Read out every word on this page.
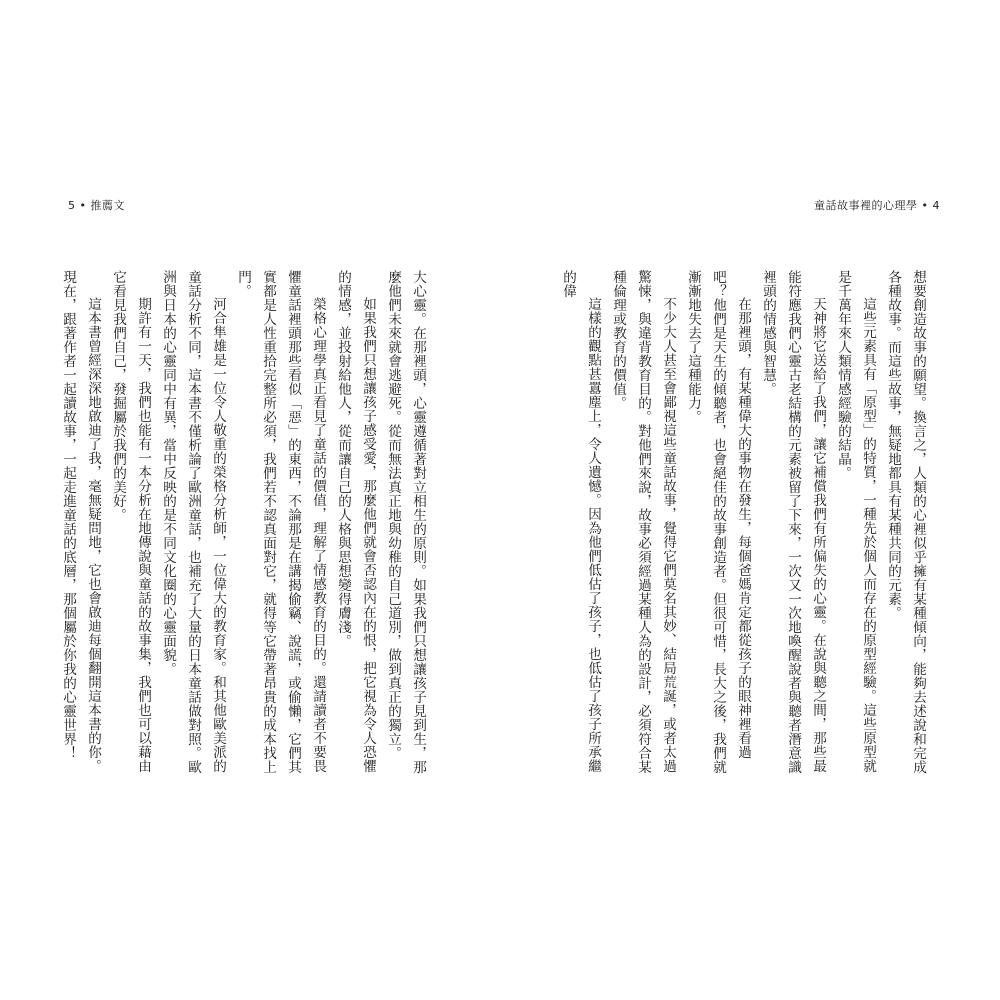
5 • 推薦文

大心靈。在那裡頭，心靈遵循著對立相生的原則。如果我們只想讓孩子見到生，那麼他們未來就會逃避死。從而無法真正地與幼稚的自己道別，做到真正的獨立。

如果我們只想讓孩子感受愛，那麼他們就會否認內在的恨，把它視為令人恐懼的情感，並投射給他人，從而讓自己的人格與思想變得膚淺。

榮格心理學真正看見了童話的價值，理解了情感教育的目的。還請讀者不要畏懼童話裡頭那些看似「惡」的東西，不論那是在講揭偷竊、說謊，或偷懶，它們其實都是人性重拾完整所必須，我們若不認真面對它，就得等它帶著昂貴的成本找上門。

河合隼雄是一位令人敬重的榮格分析師，一位偉大的教育家。和其他歐美派的童話分析不同，這本書不僅析論了歐洲童話，也補充了大量的日本童話做對照。歐洲與日本的心靈同中有異，當中反映的是不同文化圈的心靈面貌。

期許有一天，我們也能有一本分析在地傳說與童話的故事集，我們也可以藉由它看見我們自己，發掘屬於我們的美好。

這本書曾經深深地啟迪了我，毫無疑問地，它也會啟迪每個翻開這本書的你。現在，跟著作者一起讀故事，一起走進童話的底層，那個屬於你我的心靈世界！

童話故事裡的心理學 • 4

想要創造故事的願望。換言之，人類的心裡似乎擁有某種傾向，能夠去述說和完成各種故事。而這些故事，無疑地都具有某種共同的元素。

這些元素具有「原型」的特質，一種先於個人而存在的原型經驗。這些原型就是千萬年來人類情感經驗的結晶。

天神將它送給了我們，讓它補償我們有所偏失的心靈。在說與聽之間，那些最能符應我們心靈古老結構的元素被留了下來，一次又一次地喚醒說者與聽者潛意識裡頭的情感與智慧。

在那裡頭，有某種偉大的事物在發生，每個爸媽肯定都從孩子的眼神裡看過吧？他們是天生的傾聽者，也會絕佳的故事創造者。但很可惜，長大之後，我們就漸漸地失去了這種能力。

不少大人甚至會鄙視這些童話故事，覺得它們莫名其妙、結局荒誕，或者太過驚悚，與違背教育目的。對他們來說，故事必須經過某種人為的設計，必須符合某種倫理或教育的價值。

這樣的觀點甚囂塵上，令人遺憾。因為他們低估了孩子，也低估了孩子所承繼的偉
